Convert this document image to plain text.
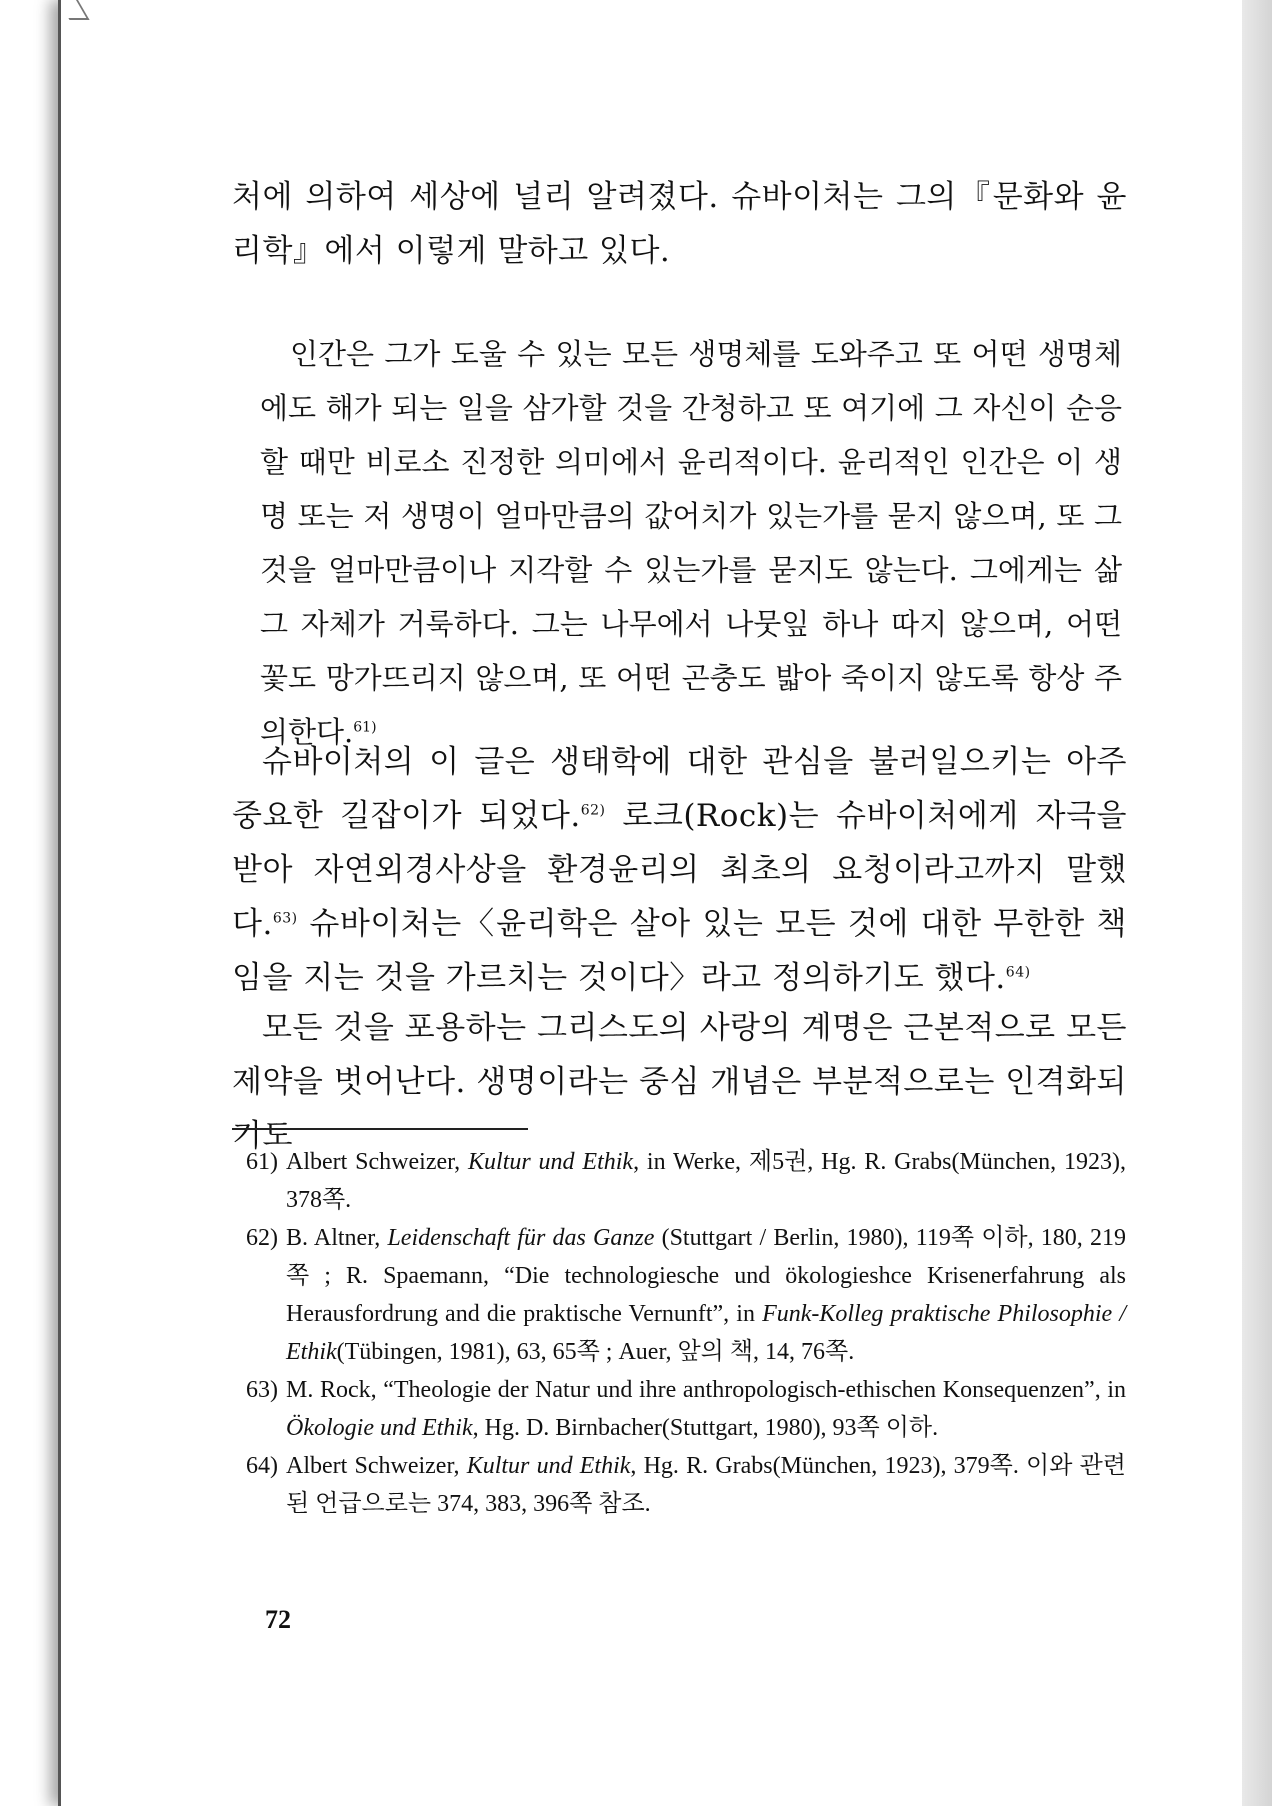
처에 의하여 세상에 널리 알려졌다. 슈바이처는 그의『문화와 윤리학』에서 이렇게 말하고 있다.

인간은 그가 도울 수 있는 모든 생명체를 도와주고 또 어떤 생명체에도 해가 되는 일을 삼가할 것을 간청하고 또 여기에 그 자신이 순응할 때만 비로소 진정한 의미에서 윤리적이다. 윤리적인 인간은 이 생명 또는 저 생명이 얼마만큼의 값어치가 있는가를 묻지 않으며, 또 그것을 얼마만큼이나 지각할 수 있는가를 묻지도 않는다. 그에게는 삶 그 자체가 거룩하다. 그는 나무에서 나뭇잎 하나 따지 않으며, 어떤 꽃도 망가뜨리지 않으며, 또 어떤 곤충도 밟아 죽이지 않도록 항상 주의한다.$^{61)}$

슈바이처의 이 글은 생태학에 대한 관심을 불러일으키는 아주 중요한 길잡이가 되었다.$^{62)}$ 로크(Rock)는 슈바이처에게 자극을 받아 자연외경사상을 환경윤리의 최초의 요청이라고까지 말했다.$^{63)}$ 슈바이처는〈윤리학은 살아 있는 모든 것에 대한 무한한 책임을 지는 것을 가르치는 것이다〉라고 정의하기도 했다.$^{64)}$

모든 것을 포용하는 그리스도의 사랑의 계명은 근본적으로 모든 제약을 벗어난다. 생명이라는 중심 개념은 부분적으로는 인격화되기도

61) Albert Schweizer, Kultur und Ethik, in Werke, 제5권, Hg. R. Grabs(München, 1923), 378쪽.
62) B. Altner, Leidenschaft für das Ganze (Stuttgart / Berlin, 1980), 119쪽 이하, 180, 219쪽 ; R. Spaemann, “Die technologiesche und ökologieshce Krisenerfahrung als Herausfordrung and die praktische Vernunft”, in Funk-Kolleg praktische Philosophie / Ethik(Tübingen, 1981), 63, 65쪽 ; Auer, 앞의 책, 14, 76쪽.
63) M. Rock, “Theologie der Natur und ihre anthropologisch-ethischen Konsequenzen”, in Ökologie und Ethik, Hg. D. Birnbacher(Stuttgart, 1980), 93쪽 이하.
64) Albert Schweizer, Kultur und Ethik, Hg. R. Grabs(München, 1923), 379쪽. 이와 관련된 언급으로는 374, 383, 396쪽 참조.
72
